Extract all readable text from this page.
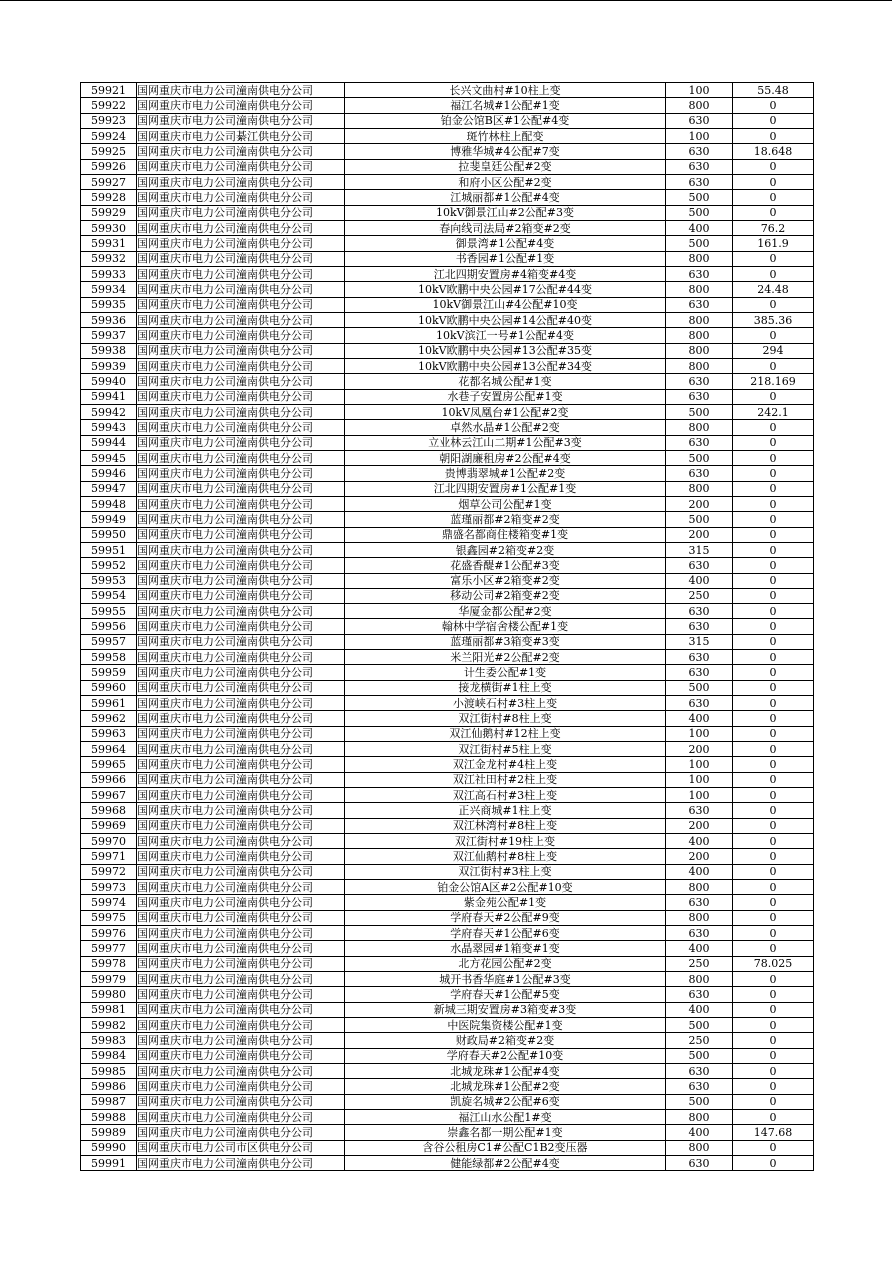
59921	国网重庆市电力公司潼南供电分公司	长兴文曲村#10柱上变	100	55.48
59922	国网重庆市电力公司潼南供电分公司	福江名城#1公配#1变	800	0
59923	国网重庆市电力公司潼南供电分公司	铂金公馆B区#1公配#4变	630	0
59924	国网重庆市电力公司綦江供电分公司	斑竹林柱上配变	100	0
59925	国网重庆市电力公司潼南供电分公司	博雅华城#4公配#7变	630	18.648
59926	国网重庆市电力公司潼南供电分公司	拉斐皇廷公配#2变	630	0
59927	国网重庆市电力公司潼南供电分公司	和府小区公配#2变	630	0
59928	国网重庆市电力公司潼南供电分公司	江城丽都#1公配#4变	500	0
59929	国网重庆市电力公司潼南供电分公司	10kV御景江山#2公配#3变	500	0
59930	国网重庆市电力公司潼南供电分公司	春向线司法局#2箱变#2变	400	76.2
59931	国网重庆市电力公司潼南供电分公司	御景湾#1公配#4变	500	161.9
59932	国网重庆市电力公司潼南供电分公司	书香园#1公配#1变	800	0
59933	国网重庆市电力公司潼南供电分公司	江北四期安置房#4箱变#4变	630	0
59934	国网重庆市电力公司潼南供电分公司	10kV欧鹏中央公园#17公配#44变	800	24.48
59935	国网重庆市电力公司潼南供电分公司	10kV御景江山#4公配#10变	630	0
59936	国网重庆市电力公司潼南供电分公司	10kV欧鹏中央公园#14公配#40变	800	385.36
59937	国网重庆市电力公司潼南供电分公司	10kV滨江一号#1公配#4变	800	0
59938	国网重庆市电力公司潼南供电分公司	10kV欧鹏中央公园#13公配#35变	800	294
59939	国网重庆市电力公司潼南供电分公司	10kV欧鹏中央公园#13公配#34变	800	0
59940	国网重庆市电力公司潼南供电分公司	花都名城公配#1变	630	218.169
59941	国网重庆市电力公司潼南供电分公司	水巷子安置房公配#1变	630	0
59942	国网重庆市电力公司潼南供电分公司	10kV凤凰台#1公配#2变	500	242.1
59943	国网重庆市电力公司潼南供电分公司	卓然水晶#1公配#2变	800	0
59944	国网重庆市电力公司潼南供电分公司	立业林云江山二期#1公配#3变	630	0
59945	国网重庆市电力公司潼南供电分公司	朝阳湖廉租房#2公配#4变	500	0
59946	国网重庆市电力公司潼南供电分公司	贵博翡翠城#1公配#2变	630	0
59947	国网重庆市电力公司潼南供电分公司	江北四期安置房#1公配#1变	800	0
59948	国网重庆市电力公司潼南供电分公司	烟草公司公配#1变	200	0
59949	国网重庆市电力公司潼南供电分公司	蓝瑾丽都#2箱变#2变	500	0
59950	国网重庆市电力公司潼南供电分公司	鼎盛名都商住楼箱变#1变	200	0
59951	国网重庆市电力公司潼南供电分公司	银鑫园#2箱变#2变	315	0
59952	国网重庆市电力公司潼南供电分公司	花盛香醍#1公配#3变	630	0
59953	国网重庆市电力公司潼南供电分公司	富乐小区#2箱变#2变	400	0
59954	国网重庆市电力公司潼南供电分公司	移动公司#2箱变#2变	250	0
59955	国网重庆市电力公司潼南供电分公司	华厦金都公配#2变	630	0
59956	国网重庆市电力公司潼南供电分公司	翰林中学宿舍楼公配#1变	630	0
59957	国网重庆市电力公司潼南供电分公司	蓝瑾丽都#3箱变#3变	315	0
59958	国网重庆市电力公司潼南供电分公司	米兰阳光#2公配#2变	630	0
59959	国网重庆市电力公司潼南供电分公司	计生委公配#1变	630	0
59960	国网重庆市电力公司潼南供电分公司	接龙横街#1柱上变	500	0
59961	国网重庆市电力公司潼南供电分公司	小渡峡石村#3柱上变	630	0
59962	国网重庆市电力公司潼南供电分公司	双江街村#8柱上变	400	0
59963	国网重庆市电力公司潼南供电分公司	双江仙鹅村#12柱上变	100	0
59964	国网重庆市电力公司潼南供电分公司	双江街村#5柱上变	200	0
59965	国网重庆市电力公司潼南供电分公司	双江金龙村#4柱上变	100	0
59966	国网重庆市电力公司潼南供电分公司	双江社田村#2柱上变	100	0
59967	国网重庆市电力公司潼南供电分公司	双江高石村#3柱上变	100	0
59968	国网重庆市电力公司潼南供电分公司	正兴商城#1柱上变	630	0
59969	国网重庆市电力公司潼南供电分公司	双江林湾村#8柱上变	200	0
59970	国网重庆市电力公司潼南供电分公司	双江街村#19柱上变	400	0
59971	国网重庆市电力公司潼南供电分公司	双江仙鹅村#8柱上变	200	0
59972	国网重庆市电力公司潼南供电分公司	双江街村#3柱上变	400	0
59973	国网重庆市电力公司潼南供电分公司	铂金公馆A区#2公配#10变	800	0
59974	国网重庆市电力公司潼南供电分公司	紫金苑公配#1变	630	0
59975	国网重庆市电力公司潼南供电分公司	学府春天#2公配#9变	800	0
59976	国网重庆市电力公司潼南供电分公司	学府春天#1公配#6变	630	0
59977	国网重庆市电力公司潼南供电分公司	水晶翠园#1箱变#1变	400	0
59978	国网重庆市电力公司潼南供电分公司	北方花园公配#2变	250	78.025
59979	国网重庆市电力公司潼南供电分公司	城开书香华庭#1公配#3变	800	0
59980	国网重庆市电力公司潼南供电分公司	学府春天#1公配#5变	630	0
59981	国网重庆市电力公司潼南供电分公司	新城三期安置房#3箱变#3变	400	0
59982	国网重庆市电力公司潼南供电分公司	中医院集资楼公配#1变	500	0
59983	国网重庆市电力公司潼南供电分公司	财政局#2箱变#2变	250	0
59984	国网重庆市电力公司潼南供电分公司	学府春天#2公配#10变	500	0
59985	国网重庆市电力公司潼南供电分公司	北城龙珠#1公配#4变	630	0
59986	国网重庆市电力公司潼南供电分公司	北城龙珠#1公配#2变	630	0
59987	国网重庆市电力公司潼南供电分公司	凯旋名城#2公配#6变	500	0
59988	国网重庆市电力公司潼南供电分公司	福江山水公配1#变	800	0
59989	国网重庆市电力公司潼南供电分公司	崇鑫名都一期公配#1变	400	147.68
59990	国网重庆市电力公司市区供电分公司	含谷公租房C1#公配C1B2变压器	800	0
59991	国网重庆市电力公司潼南供电分公司	健能绿都#2公配#4变	630	0
